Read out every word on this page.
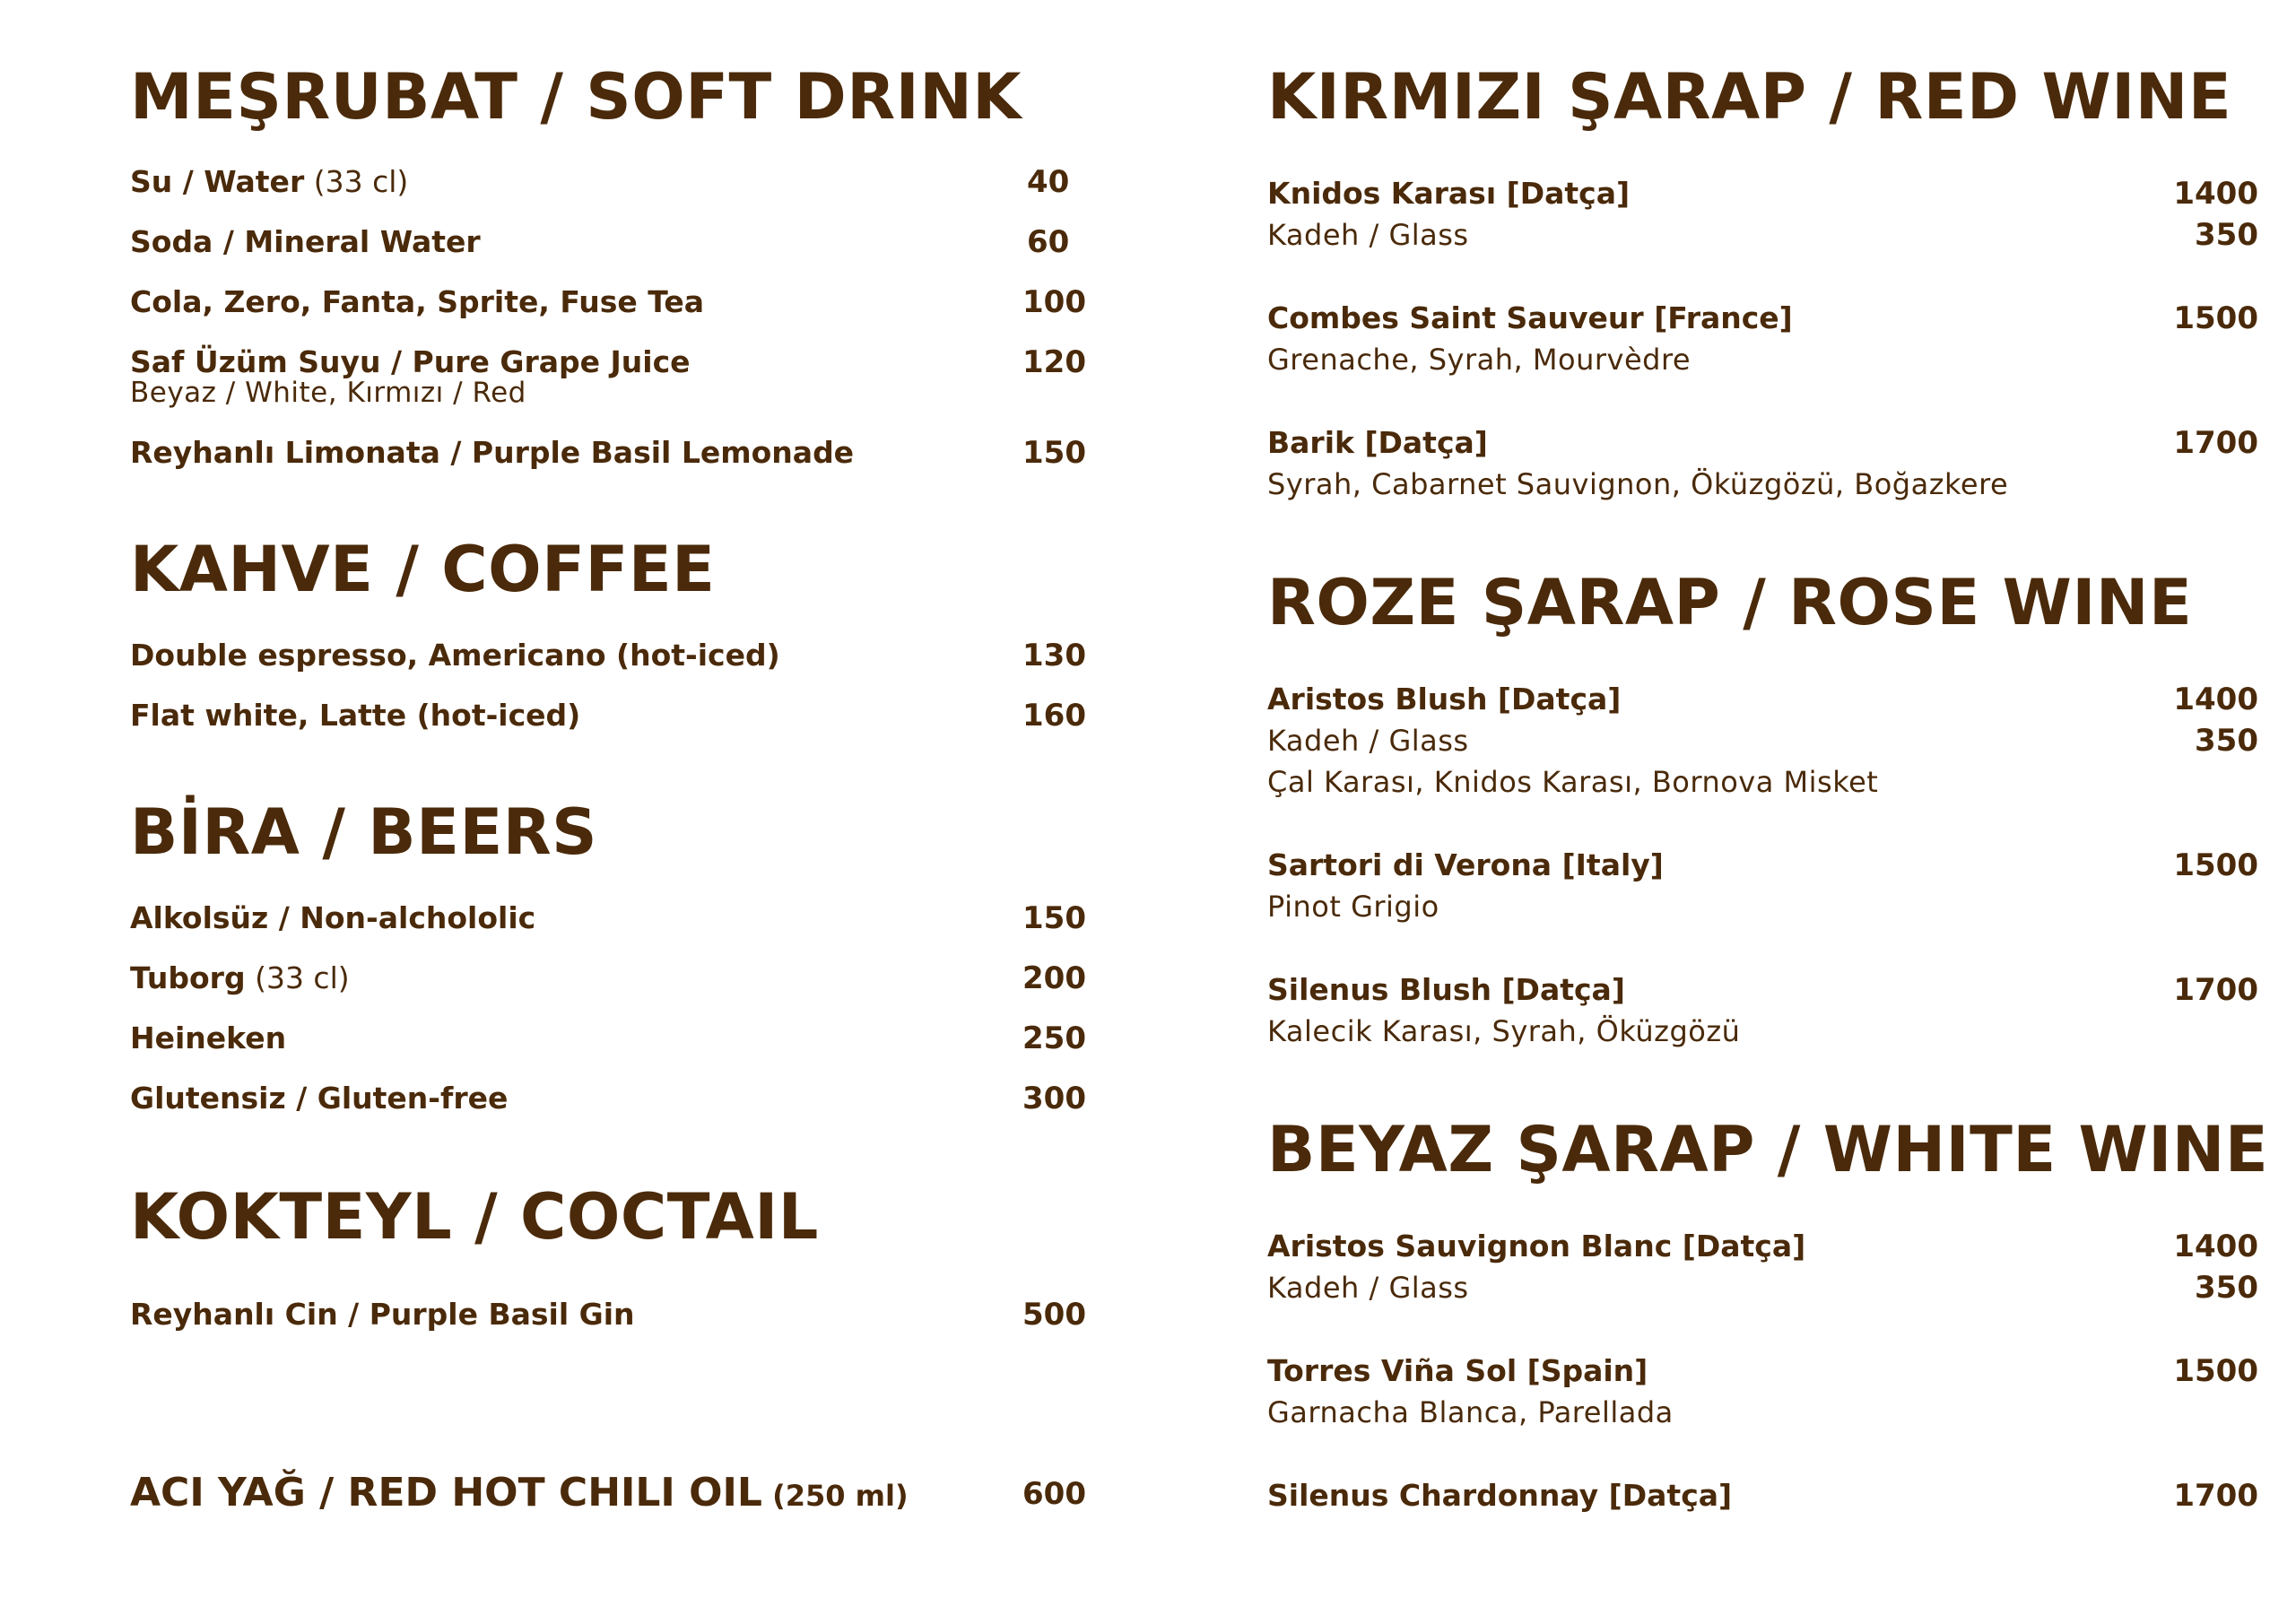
MEŞRUBAT / SOFT DRINK
Su / Water (33 cl)	40
Soda / Mineral Water	60
Cola, Zero, Fanta, Sprite, Fuse Tea	100
Saf Üzüm Suyu / Pure Grape Juice	120
Beyaz / White, Kırmızı / Red
Reyhanlı Limonata / Purple Basil Lemonade	150
KAHVE / COFFEE
Double espresso, Americano (hot-iced)	130
Flat white, Latte (hot-iced)	160
BİRA / BEERS
Alkolsüz / Non-alchololic	150
Tuborg (33 cl)	200
Heineken	250
Glutensiz / Gluten-free	300
KOKTEYL / COCTAIL
Reyhanlı Cin / Purple Basil Gin	500
ACI YAĞ / RED HOT CHILI OIL (250 ml)	600
KIRMIZI ŞARAP / RED WINE
Knidos Karası [Datça]	1400
Kadeh / Glass	350
Combes Saint Sauveur [France]	1500
Grenache, Syrah, Mourvèdre
Barik [Datça]	1700
Syrah, Cabarnet Sauvignon, Öküzgözü, Boğazkere
ROZE ŞARAP / ROSE WINE
Aristos Blush [Datça]	1400
Kadeh / Glass	350
Çal Karası, Knidos Karası, Bornova Misket
Sartori di Verona [Italy]	1500
Pinot Grigio
Silenus Blush [Datça]	1700
Kalecik Karası, Syrah, Öküzgözü
BEYAZ ŞARAP / WHITE WINE
Aristos Sauvignon Blanc [Datça]	1400
Kadeh / Glass	350
Torres Viña Sol [Spain]	1500
Garnacha Blanca, Parellada
Silenus Chardonnay [Datça]	1700
